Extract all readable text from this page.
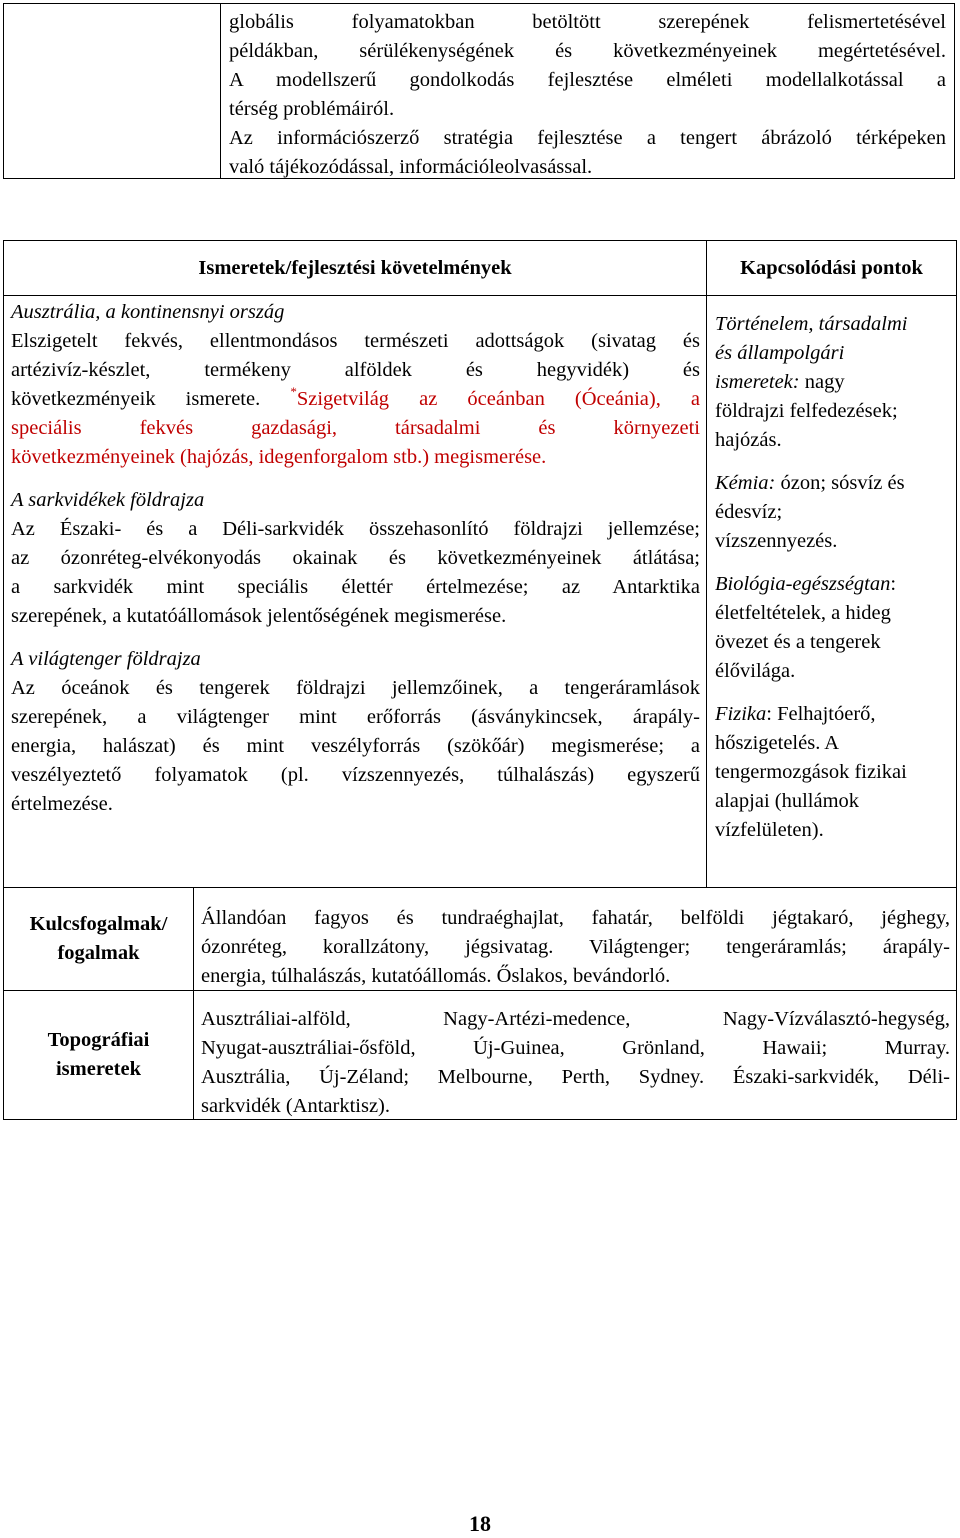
globális folyamatokban betöltött szerepének felismertetésével
példákban, sérülékenységének és következményeinek megértetésével.
A modellszerű gondolkodás fejlesztése elméleti modellalkotással a
térség problémáiról.
Az információszerző stratégia fejlesztése a tengert ábrázoló térképeken
való tájékozódással, információleolvasással.
Ismeretek/fejlesztési követelmények	Kapcsolódási pontok
Ausztrália, a kontinensnyi ország
Elszigetelt fekvés, ellentmondásos természeti adottságok (sivatag és
artézivíz-készlet, termékeny alföldek és hegyvidék) és
következményeik ismerete. *Szigetvilág az óceánban (Óceánia), a
speciális fekvés gazdasági, társadalmi és környezeti
következményeinek (hajózás, idegenforgalom stb.) megismerése.
A sarkvidékek földrajza
Az Északi- és a Déli-sarkvidék összehasonlító földrajzi jellemzése;
az ózonréteg-elvékonyodás okainak és következményeinek átlátása;
a sarkvidék mint speciális élettér értelmezése; az Antarktika
szerepének, a kutatóállomások jelentőségének megismerése.
A világtenger földrajza
Az óceánok és tengerek földrajzi jellemzőinek, a tengeráramlások
szerepének, a világtenger mint erőforrás (ásványkincsek, árapály-
energia, halászat) és mint veszélyforrás (szökőár) megismerése; a
veszélyeztető folyamatok (pl. vízszennyezés, túlhalászás) egyszerű
értelmezése.
Történelem, társadalmi
és állampolgári
ismeretek: nagy
földrajzi felfedezések;
hajózás.
Kémia: ózon; sósvíz és
édesvíz;
vízszennyezés.
Biológia-egészségtan:
életfeltételek, a hideg
övezet és a tengerek
élővilága.
Fizika: Felhajtóerő,
hőszigetelés. A
tengermozgások fizikai
alapjai (hullámok
vízfelületen).
Kulcsfogalmak/
fogalmak
Állandóan fagyos és tundraéghajlat, fahatár, belföldi jégtakaró, jéghegy,
ózonréteg, korallzátony, jégsivatag. Világtenger; tengeráramlás; árapály-
energia, túlhalászás, kutatóállomás. Őslakos, bevándorló.
Topográfiai
ismeretek
Ausztráliai-alföld, Nagy-Artézi-medence, Nagy-Vízválasztó-hegység,
Nyugat-ausztráliai-ősföld, Új-Guinea, Grönland, Hawaii; Murray.
Ausztrália, Új-Zéland; Melbourne, Perth, Sydney. Északi-sarkvidék, Déli-
sarkvidék (Antarktisz).
18
